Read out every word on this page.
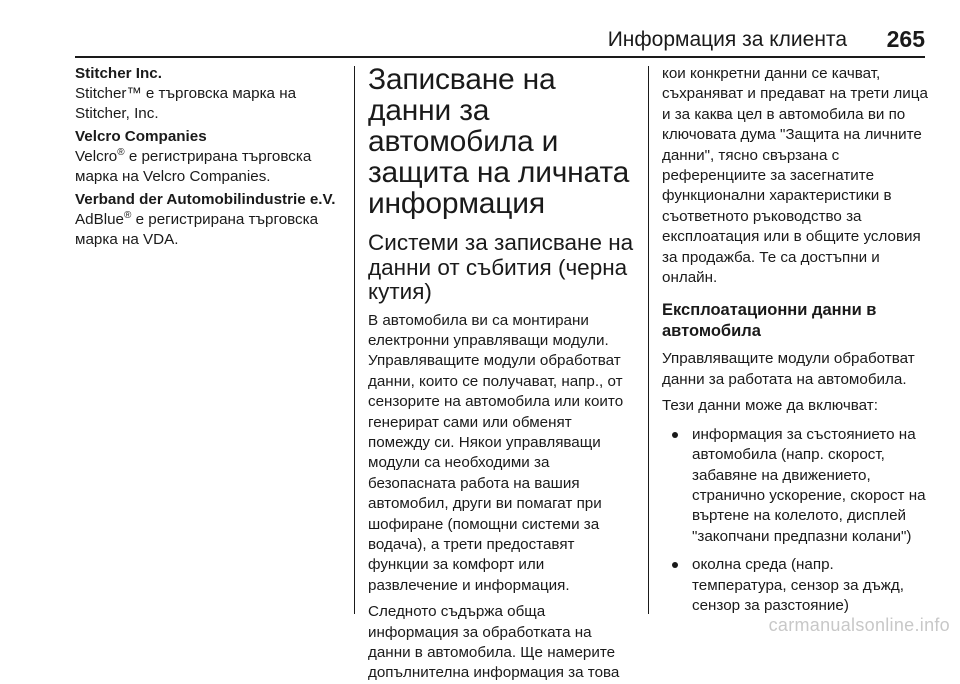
Информация за клиента 265
Stitcher Inc.
Stitcher™ е търговска марка на Stitcher, Inc.
Velcro Companies
Velcro® е регистрирана търговска марка на Velcro Companies.
Verband der Automobilindustrie e.V.
AdBlue® е регистрирана търговска марка на VDA.
Записване на данни за автомобила и защита на личната информация
Системи за записване на данни от събития (черна кутия)

В автомобила ви са монтирани електронни управляващи модули. Управляващите модули обработват данни, които се получават, напр., от сензорите на автомобила или които генерират сами или обменят помежду си. Някои управляващи модули са необходими за безопасната работа на вашия автомобил, други ви помагат при шофиране (помощни системи за водача), а трети предоставят функции за комфорт или развлечение и информация.

Следното съдържа обща информация за обработката на данни в автомобила. Ще намерите допълнителна информация за това

кои конкретни данни се качват, съхраняват и предават на трети лица и за каква цел в автомобила ви по ключовата дума "Защита на личните данни", тясно свързана с референциите за засегнатите функционални характеристики в съответното ръководство за експлоатация или в общите условия за продажба. Те са достъпни и онлайн.

Експлоатационни данни в автомобила

Управляващите модули обработват данни за работата на автомобила.

Тези данни може да включват:

информация за състоянието на автомобила (напр. скорост, забавяне на движението, странично ускорение, скорост на въртене на колелото, дисплей "закопчани предпазни колани")
околна среда (напр. температура, сензор за дъжд, сензор за разстояние)
carmanualsonline.info
